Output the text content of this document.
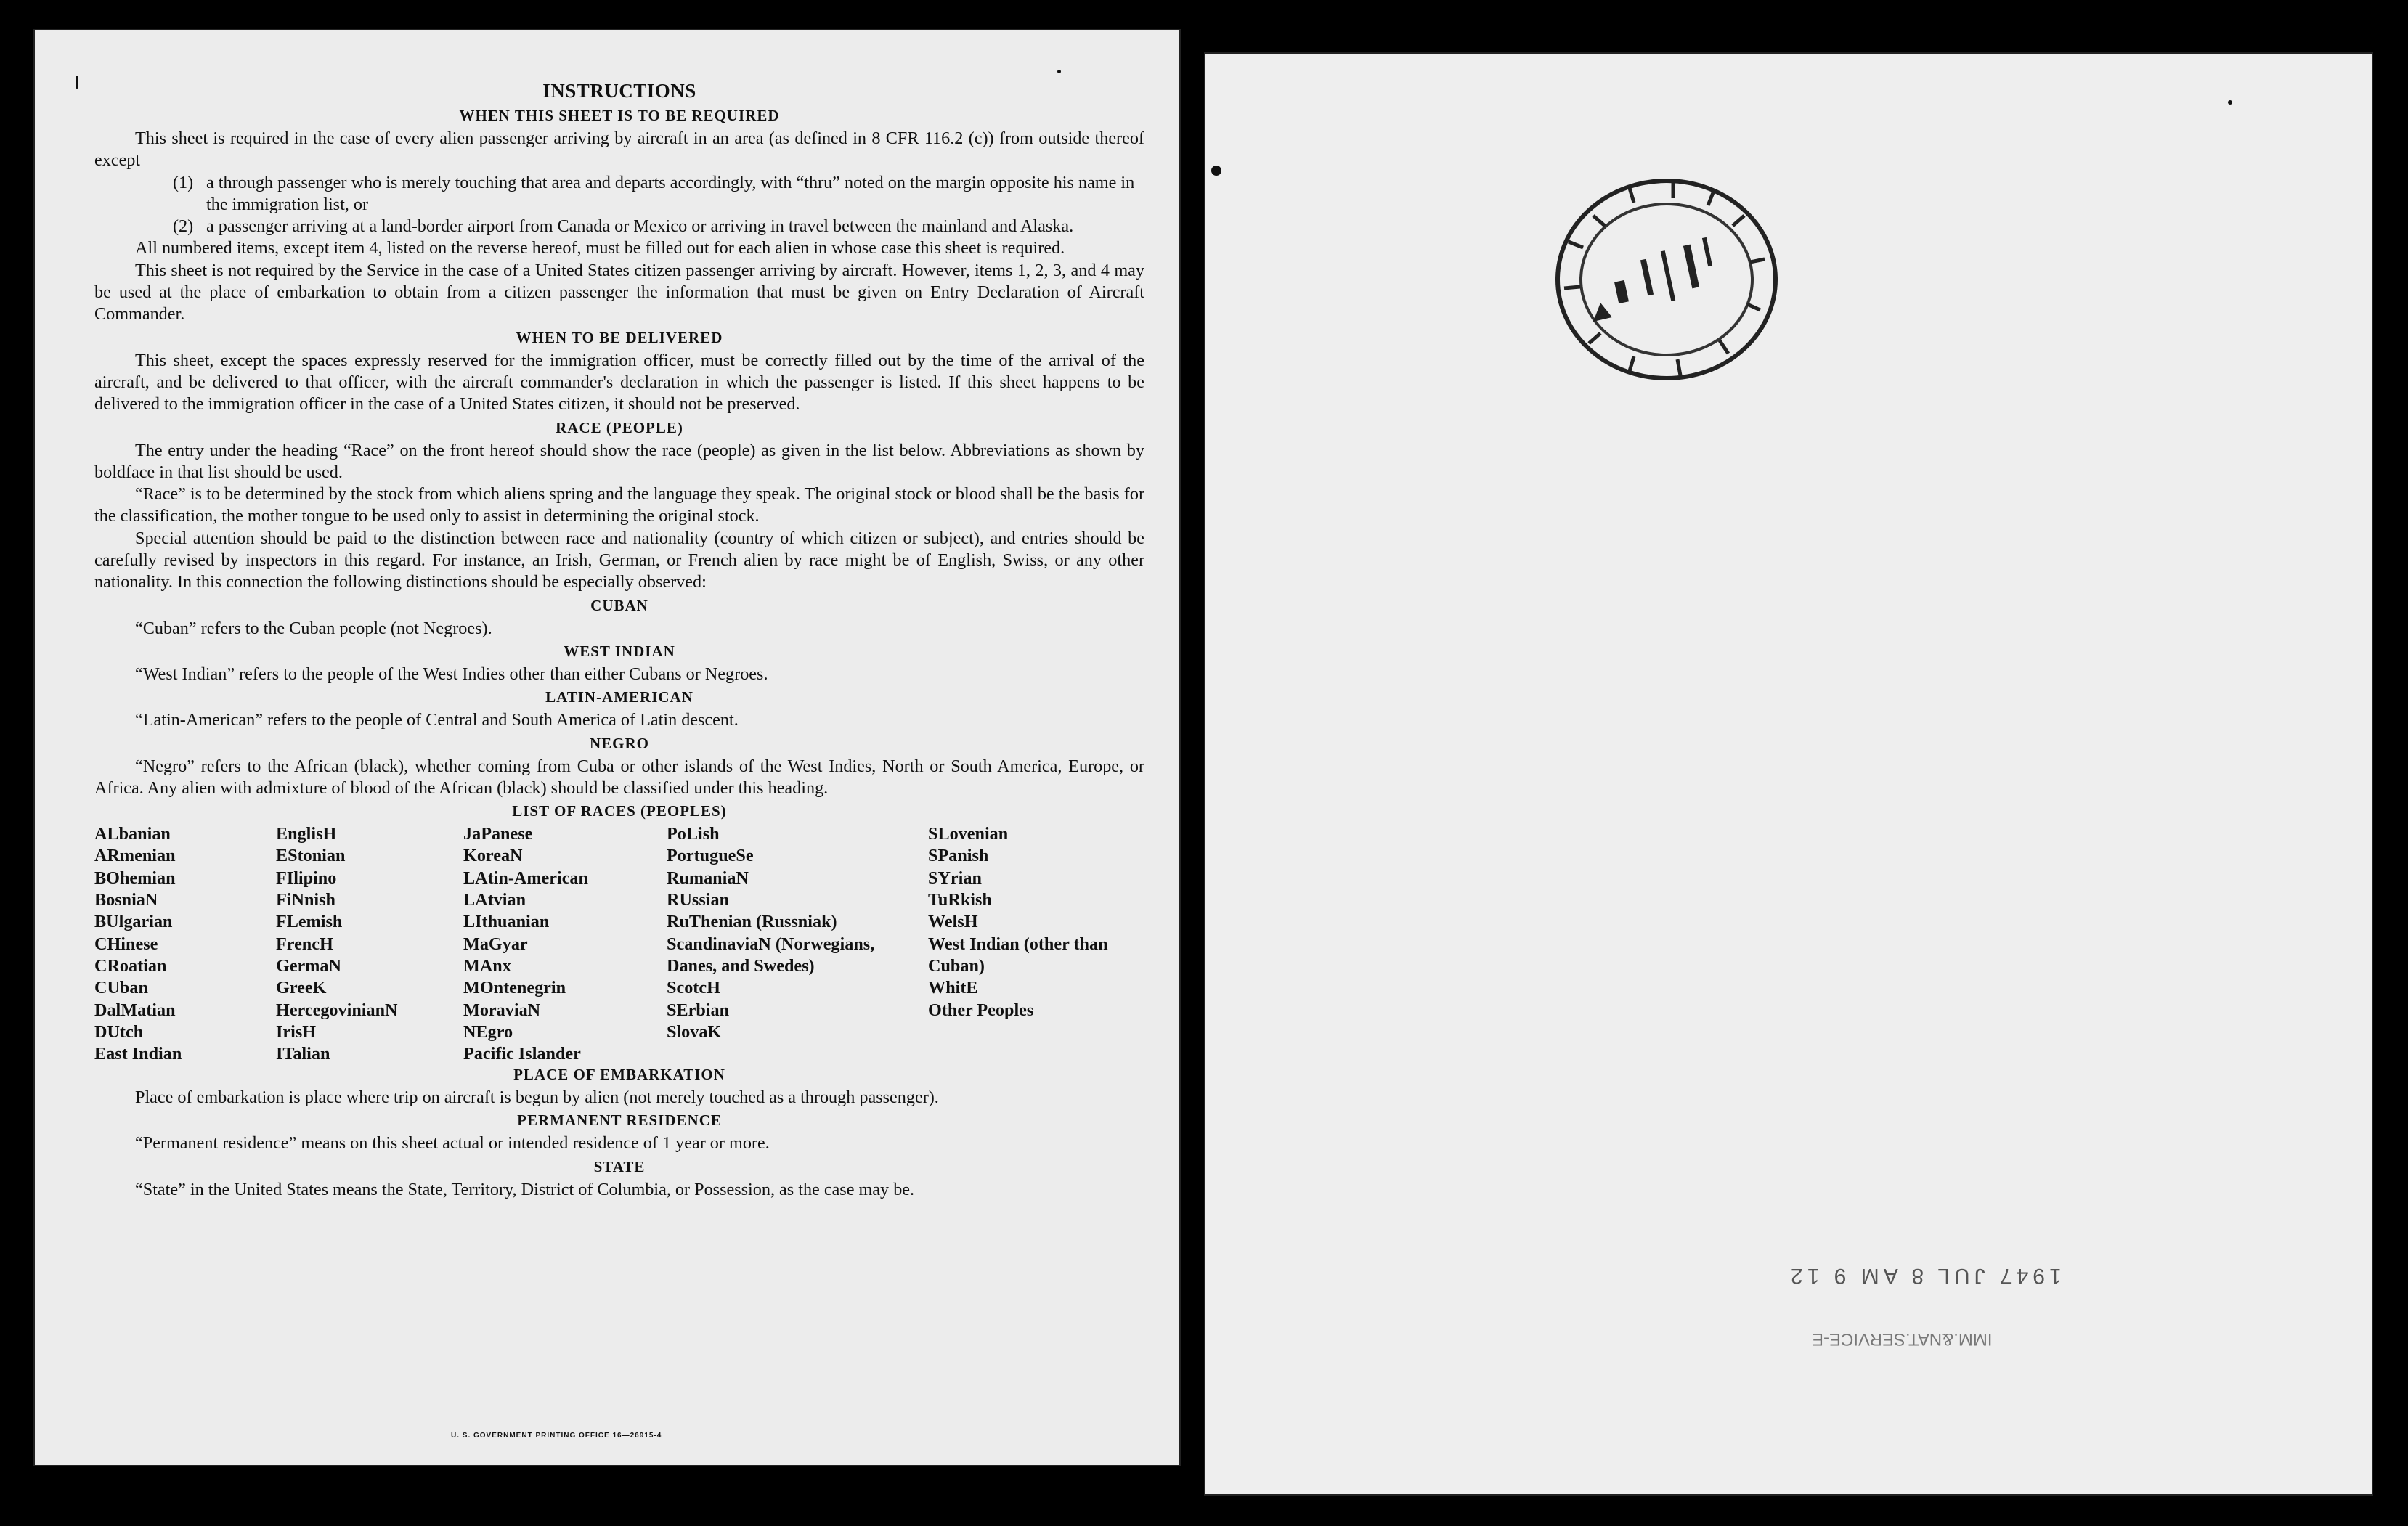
INSTRUCTIONS
WHEN THIS SHEET IS TO BE REQUIRED

This sheet is required in the case of every alien passenger arriving by aircraft in an area (as defined in 8 CFR 116.2 (c)) from outside thereof except

(1) a through passenger who is merely touching that area and departs accordingly, with “thru” noted on the margin opposite his name in the immigration list, or
(2) a passenger arriving at a land-border airport from Canada or Mexico or arriving in travel between the mainland and Alaska.

All numbered items, except item 4, listed on the reverse hereof, must be filled out for each alien in whose case this sheet is required.

This sheet is not required by the Service in the case of a United States citizen passenger arriving by aircraft. However, items 1, 2, 3, and 4 may be used at the place of embarkation to obtain from a citizen passenger the information that must be given on Entry Declaration of Aircraft Commander.

WHEN TO BE DELIVERED

This sheet, except the spaces expressly reserved for the immigration officer, must be correctly filled out by the time of the arrival of the aircraft, and be delivered to that officer, with the aircraft commander's declaration in which the passenger is listed. If this sheet happens to be delivered to the immigration officer in the case of a United States citizen, it should not be preserved.

RACE (PEOPLE)

The entry under the heading “Race” on the front hereof should show the race (people) as given in the list below. Abbreviations as shown by boldface in that list should be used.

“Race” is to be determined by the stock from which aliens spring and the language they speak. The original stock or blood shall be the basis for the classification, the mother tongue to be used only to assist in determining the original stock.

Special attention should be paid to the distinction between race and nationality (country of which citizen or subject), and entries should be carefully revised by inspectors in this regard. For instance, an Irish, German, or French alien by race might be of English, Swiss, or any other nationality. In this connection the following distinctions should be especially observed:

CUBAN

“Cuban” refers to the Cuban people (not Negroes).

WEST INDIAN

“West Indian” refers to the people of the West Indies other than either Cubans or Negroes.

LATIN-AMERICAN

“Latin-American” refers to the people of Central and South America of Latin descent.

NEGRO

“Negro” refers to the African (black), whether coming from Cuba or other islands of the West Indies, North or South America, Europe, or Africa. Any alien with admixture of blood of the African (black) should be classified under this heading.

LIST OF RACES (PEOPLES)
ALbanian
ARmenian
BOhemian
BosniaN
BUlgarian
CHinese
CRoatian
CUban
DalMatian
DUtch
East Indian
EnglisH
EStonian
FIlipino
FiNnish
FLemish
FrencH
GermaN
GreeK
HercegovinianN
IrisH
ITalian
JaPanese
KoreaN
LAtin-American
LAtvian
LIthuanian
MaGyar
MAnx
MOntenegrin
MoraviaN
NEgro
Pacific Islander
PoLish
PortugueSe
RumaniaN
RUssian
RuThenian (Russniak)
ScandinaviaN (Norwegians, Danes, and Swedes)
ScotcH
SErbian
SlovaK
SLovenian
SPanish
SYrian
TuRkish
WelsH
West Indian (other than Cuban)
WhitE
Other Peoples
PLACE OF EMBARKATION

Place of embarkation is place where trip on aircraft is begun by alien (not merely touched as a through passenger).

PERMANENT RESIDENCE

“Permanent residence” means on this sheet actual or intended residence of 1 year or more.

STATE

“State” in the United States means the State, Territory, District of Columbia, or Possession, as the case may be.

U. S. GOVERNMENT PRINTING OFFICE 16—26915-4
1947 JUL 8 AM 9 12
IMM.&NAT.SERVICE-E
